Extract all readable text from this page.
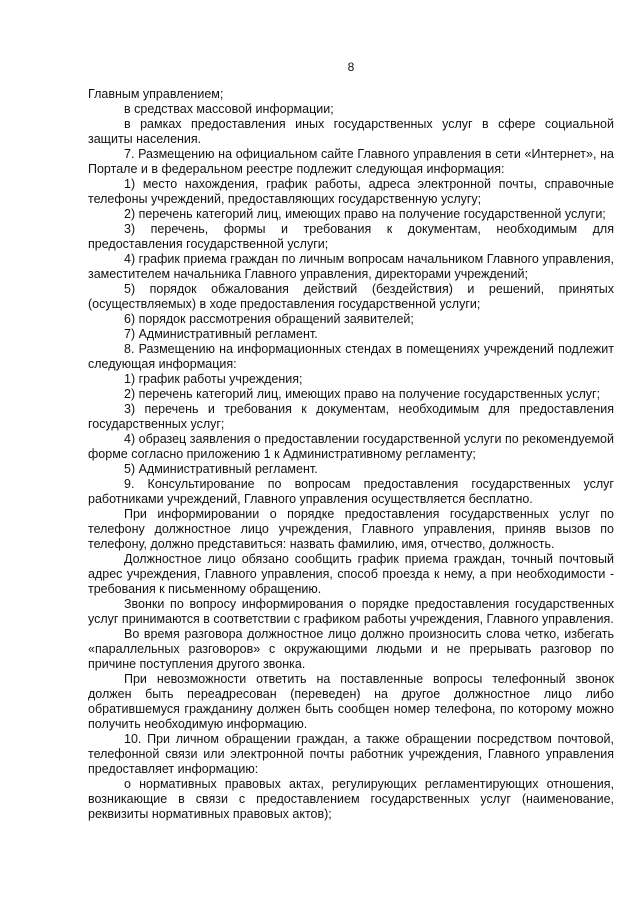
8

Главным управлением;

в средствах массовой информации;

в рамках предоставления иных государственных услуг в сфере социальной защиты населения.

7. Размещению на официальном сайте Главного управления в сети «Интернет», на Портале и в федеральном реестре подлежит следующая информация:

1) место нахождения, график работы, адреса электронной почты, справочные телефоны учреждений, предоставляющих государственную услугу;

2) перечень категорий лиц, имеющих право на получение государственной услуги;

3) перечень, формы и требования к документам, необходимым для предоставления государственной услуги;

4) график приема граждан по личным вопросам начальником Главного управления, заместителем начальника Главного управления, директорами учреждений;

5) порядок обжалования действий (бездействия) и решений, принятых (осуществляемых) в ходе предоставления государственной услуги;

6) порядок рассмотрения обращений заявителей;

7) Административный регламент.

8. Размещению на информационных стендах в помещениях учреждений подлежит следующая информация:

1) график работы учреждения;

2) перечень категорий лиц, имеющих право на получение государственных услуг;

3) перечень и требования к документам, необходимым для предоставления государственных услуг;

4) образец заявления о предоставлении государственной услуги по рекомендуемой форме согласно приложению 1 к Административному регламенту;

5) Административный регламент.

9. Консультирование по вопросам предоставления государственных услуг работниками учреждений, Главного управления осуществляется бесплатно.

При информировании о порядке предоставления государственных услуг по телефону должностное лицо учреждения, Главного управления, приняв вызов по телефону, должно представиться: назвать фамилию, имя, отчество, должность.

Должностное лицо обязано сообщить график приема граждан, точный почтовый адрес учреждения, Главного управления, способ проезда к нему, а при необходимости - требования к письменному обращению.

Звонки по вопросу информирования о порядке предоставления государственных услуг принимаются в соответствии с графиком работы учреждения, Главного управления.

Во время разговора должностное лицо должно произносить слова четко, избегать «параллельных разговоров» с окружающими людьми и не прерывать разговор по причине поступления другого звонка.

При невозможности ответить на поставленные вопросы телефонный звонок должен быть переадресован (переведен) на другое должностное лицо либо обратившемуся гражданину должен быть сообщен номер телефона, по которому можно получить необходимую информацию.

10. При личном обращении граждан, а также обращении посредством почтовой, телефонной связи или электронной почты работник учреждения, Главного управления предоставляет информацию:

о нормативных правовых актах, регулирующих регламентирующих отношения, возникающие в связи с предоставлением государственных услуг (наименование, реквизиты нормативных правовых актов);
